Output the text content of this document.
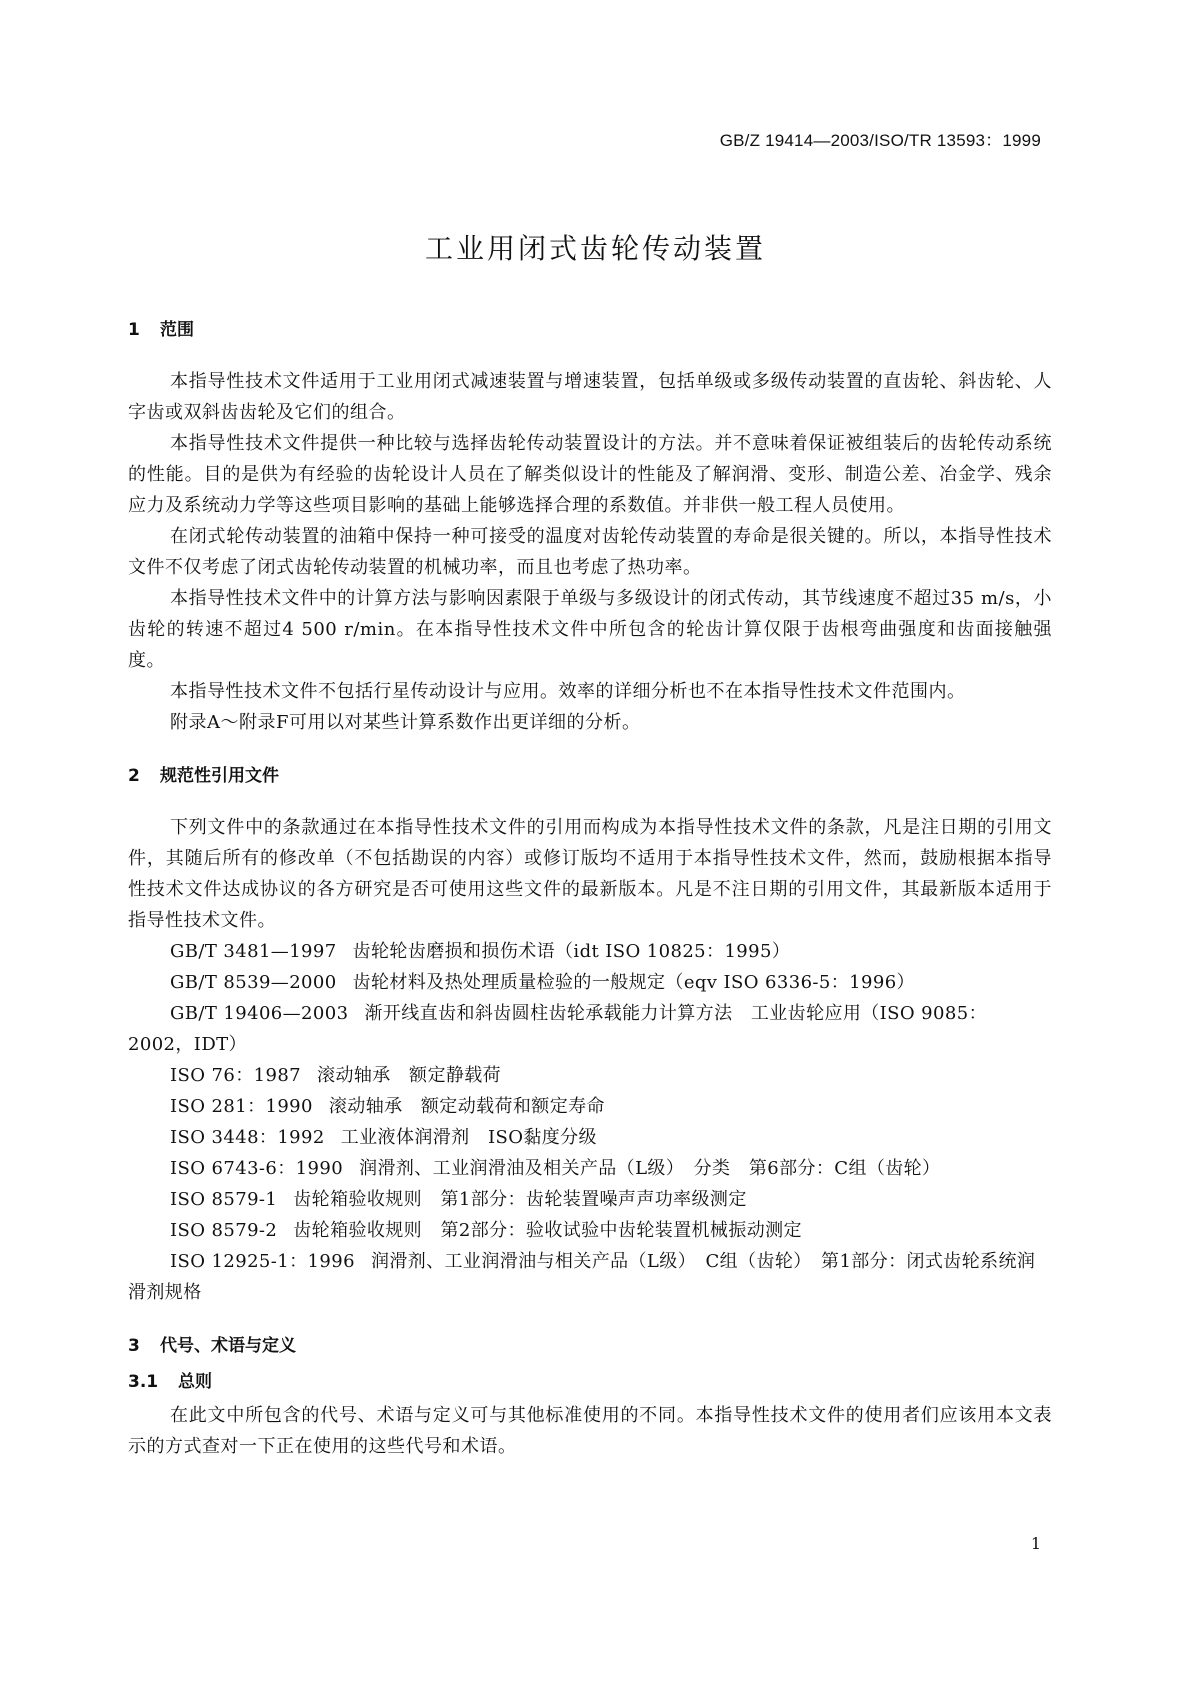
GB/Z 19414—2003/ISO/TR 13593：1999
工业用闭式齿轮传动装置
1 范围

本指导性技术文件适用于工业用闭式减速装置与增速装置，包括单级或多级传动装置的直齿轮、斜齿轮、人字齿或双斜齿齿轮及它们的组合。

本指导性技术文件提供一种比较与选择齿轮传动装置设计的方法。并不意味着保证被组装后的齿轮传动系统的性能。目的是供为有经验的齿轮设计人员在了解类似设计的性能及了解润滑、变形、制造公差、冶金学、残余应力及系统动力学等这些项目影响的基础上能够选择合理的系数值。并非供一般工程人员使用。

在闭式轮传动装置的油箱中保持一种可接受的温度对齿轮传动装置的寿命是很关键的。所以，本指导性技术文件不仅考虑了闭式齿轮传动装置的机械功率，而且也考虑了热功率。

本指导性技术文件中的计算方法与影响因素限于单级与多级设计的闭式传动，其节线速度不超过35 m/s，小齿轮的转速不超过4 500 r/min。在本指导性技术文件中所包含的轮齿计算仅限于齿根弯曲强度和齿面接触强度。

本指导性技术文件不包括行星传动设计与应用。效率的详细分析也不在本指导性技术文件范围内。

附录A～附录F可用以对某些计算系数作出更详细的分析。

2 规范性引用文件

下列文件中的条款通过在本指导性技术文件的引用而构成为本指导性技术文件的条款，凡是注日期的引用文件，其随后所有的修改单（不包括勘误的内容）或修订版均不适用于本指导性技术文件，然而，鼓励根据本指导性技术文件达成协议的各方研究是否可使用这些文件的最新版本。凡是不注日期的引用文件，其最新版本适用于指导性技术文件。

GB/T 3481—1997 齿轮轮齿磨损和损伤术语（idt ISO 10825：1995）
GB/T 8539—2000 齿轮材料及热处理质量检验的一般规定（eqv ISO 6336-5：1996）
GB/T 19406—2003 渐开线直齿和斜齿圆柱齿轮承载能力计算方法　工业齿轮应用（ISO 9085：2002，IDT）
ISO 76：1987 滚动轴承　额定静载荷
ISO 281：1990 滚动轴承　额定动载荷和额定寿命
ISO 3448：1992 工业液体润滑剂　ISO黏度分级
ISO 6743-6：1990 润滑剂、工业润滑油及相关产品（L级）　分类　第6部分：C组（齿轮）
ISO 8579-1 齿轮箱验收规则　第1部分：齿轮装置噪声声功率级测定
ISO 8579-2 齿轮箱验收规则　第2部分：验收试验中齿轮装置机械振动测定
ISO 12925-1：1996 润滑剂、工业润滑油与相关产品（L级）　C组（齿轮）　第1部分：闭式齿轮系统润滑剂规格
3 代号、术语与定义
3.1 总则

在此文中所包含的代号、术语与定义可与其他标准使用的不同。本指导性技术文件的使用者们应该用本文表示的方式查对一下正在使用的这些代号和术语。

1
